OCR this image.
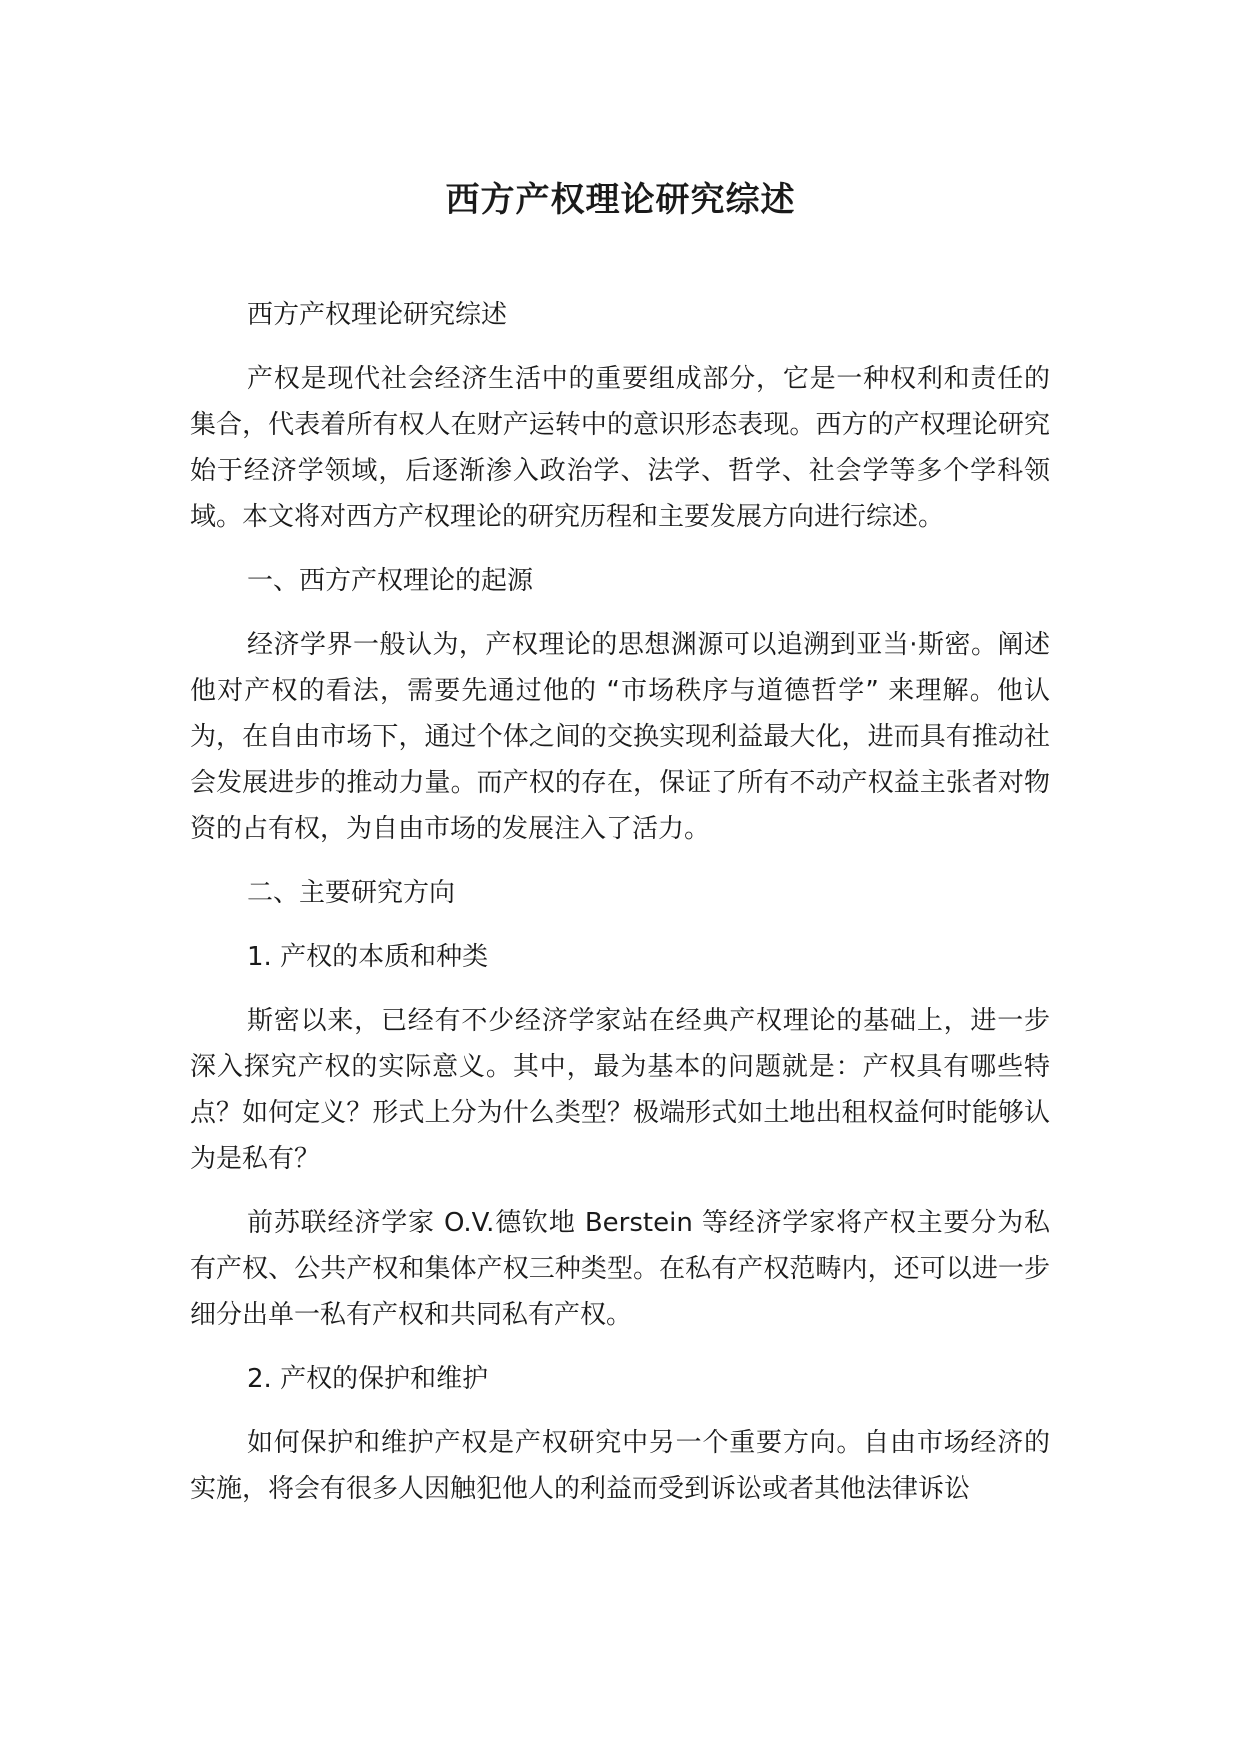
西方产权理论研究综述

西方产权理论研究综述

产权是现代社会经济生活中的重要组成部分，它是一种权利和责任的集合，代表着所有权人在财产运转中的意识形态表现。西方的产权理论研究始于经济学领域，后逐渐渗入政治学、法学、哲学、社会学等多个学科领域。本文将对西方产权理论的研究历程和主要发展方向进行综述。

一、西方产权理论的起源

经济学界一般认为，产权理论的思想渊源可以追溯到亚当·斯密。阐述他对产权的看法，需要先通过他的 “市场秩序与道德哲学” 来理解。他认为，在自由市场下，通过个体之间的交换实现利益最大化，进而具有推动社会发展进步的推动力量。而产权的存在，保证了所有不动产权益主张者对物资的占有权，为自由市场的发展注入了活力。

二、主要研究方向

1. 产权的本质和种类

斯密以来，已经有不少经济学家站在经典产权理论的基础上，进一步深入探究产权的实际意义。其中，最为基本的问题就是：产权具有哪些特点？如何定义？形式上分为什么类型？极端形式如土地出租权益何时能够认为是私有？

前苏联经济学家 O.V.德钦地 Berstein 等经济学家将产权主要分为私有产权、公共产权和集体产权三种类型。在私有产权范畴内，还可以进一步细分出单一私有产权和共同私有产权。

2. 产权的保护和维护

如何保护和维护产权是产权研究中另一个重要方向。自由市场经济的实施，将会有很多人因触犯他人的利益而受到诉讼或者其他法律诉讼
